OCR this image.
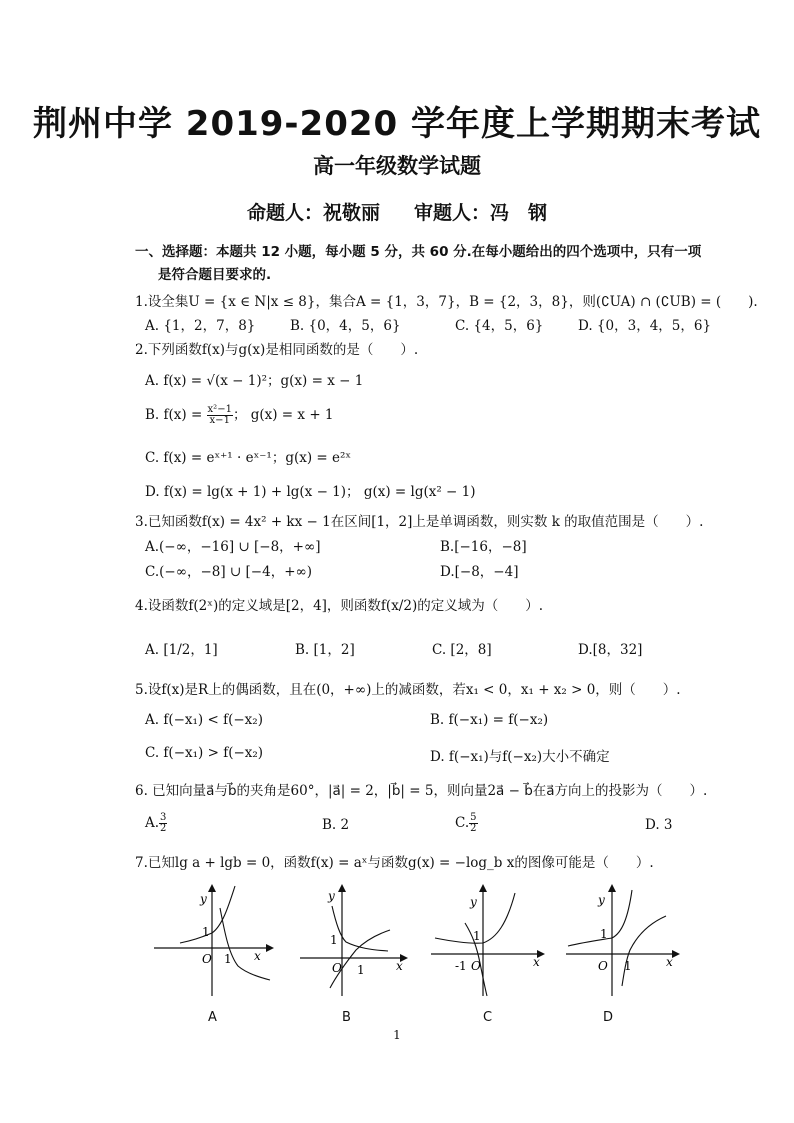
荆州中学 2019-2020 学年度上学期期末考试
高一年级数学试题
命题人：祝敬丽 审题人：冯　钢
一、选择题：本题共 12 小题，每小题 5 分，共 60 分.在每小题给出的四个选项中，只有一项
是符合题目要求的.
1.设全集U = {x ∈ N|x ≤ 8}，集合A = {1，3，7}，B = {2，3，8}，则(∁UA) ∩ (∁UB) = (　　).
A. {1，2，7，8}	B. {0，4，5，6}	C. {4，5，6}	D. {0，3，4，5，6}
2.下列函数f(x)与g(x)是相同函数的是（　　）.
A. f(x) = √(x − 1)²；g(x) = x − 1
B. $f(x) = \frac{\text{x²−1}}{x-1}$ ； g(x) = x + 1
C. f(x) = eˣ⁺¹ · eˣ⁻¹；g(x) = e²ˣ
D. f(x) = lg(x + 1) + lg(x − 1)； g(x) = lg(x² − 1)
3.已知函数f(x) = 4x² + kx − 1在区间[1，2]上是单调函数，则实数 k 的取值范围是（　　）.
A.(−∞，−16] ∪ [−8，+∞]	B.[−16，−8]
C.(−∞，−8] ∪ [−4，+∞)	D.[−8，−4]
4.设函数f(2ˣ)的定义域是[2，4]，则函数f(x/2)的定义域为（　　）.
A. [1/2，1]	B. [1，2]	C. [2，8]	D.[8，32]
5.设f(x)是R上的偶函数，且在(0，+∞)上的减函数，若x₁ < 0，x₁ + x₂ > 0，则（　　）.
A. f(−x₁) < f(−x₂)	B. f(−x₁) = f(−x₂)
C. f(−x₁) > f(−x₂)	D. f(−x₁)与f(−x₂)大小不确定
6. 已知向量a⃗与b⃗的夹角是60°，|a⃗| = 2，|b⃗| = 5，则向量2a⃗ − b⃗在a⃗方向上的投影为（　　）.
A. $\frac{3}{2}$	B. 2	C. $\frac{5}{2}$	D. 3
7.已知lg a + lgb = 0，函数f(x) = aˣ与函数g(x) = −log_b x的图像可能是（　　）.
y
1
O 1 x
y
1
O 1	x
y
1
O
-1	x
y
1
O 1	x
A	B	C	D
1
